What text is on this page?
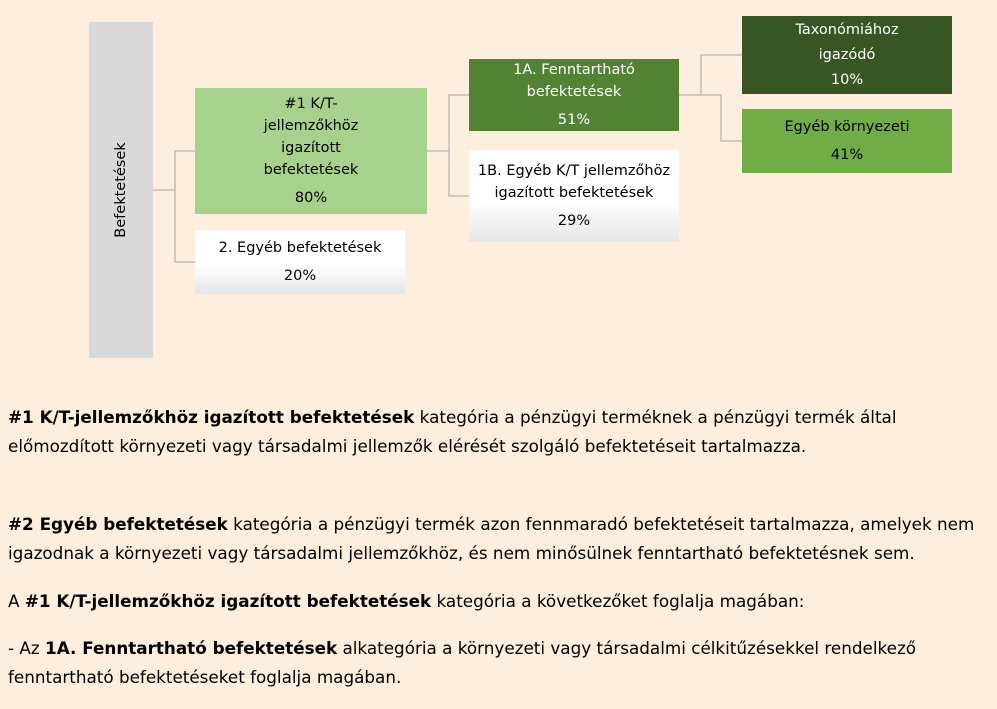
Befektetések
#1 K/T-
jellemzőkhöz
igazított
befektetések
80%
2. Egyéb befektetések
20%
1A. Fenntartható
befektetések
51%
1B. Egyéb K/T jellemzőhöz
igazított befektetések
29%
Taxonómiához
igazódó
10%
Egyéb környezeti
41%

#1 K/T-jellemzőkhöz igazított befektetések kategória a pénzügyi terméknek a pénzügyi termék által előmozdított környezeti vagy társadalmi jellemzők elérését szolgáló befektetéseit tartalmazza.

#2 Egyéb befektetések kategória a pénzügyi termék azon fennmaradó befektetéseit tartalmazza, amelyek nem igazodnak a környezeti vagy társadalmi jellemzőkhöz, és nem minősülnek fenntartható befektetésnek sem.

A #1 K/T-jellemzőkhöz igazított befektetések kategória a következőket foglalja magában:

- Az 1A. Fenntartható befektetések alkategória a környezeti vagy társadalmi célkitűzésekkel rendelkező fenntartható befektetéseket foglalja magában.
